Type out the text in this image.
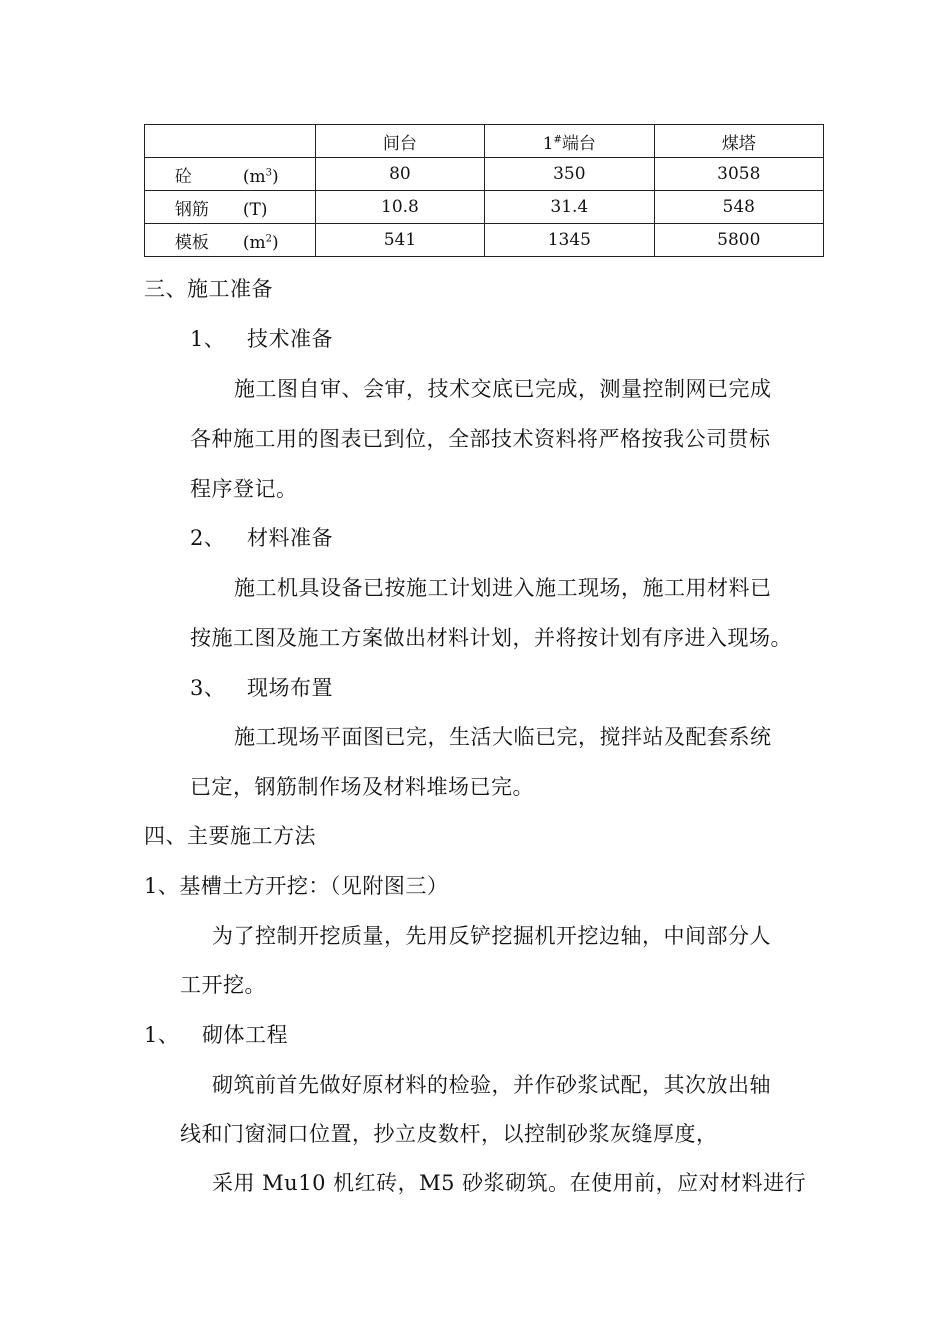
	间台	1#端台	煤塔
砼 $(m^3)$	80	350	3058
钢筋 (T)	10.8	31.4	548
模板 $(m^2)$	541	1345	5800
三、施工准备
1、 技术准备
施工图自审、会审，技术交底已完成，测量控制网已完成
各种施工用的图表已到位，全部技术资料将严格按我公司贯标
程序登记。
2、 材料准备
施工机具设备已按施工计划进入施工现场，施工用材料已
按施工图及施工方案做出材料计划，并将按计划有序进入现场。
3、 现场布置
施工现场平面图已完，生活大临已完，搅拌站及配套系统
已定，钢筋制作场及材料堆场已完。
四、主要施工方法
1、基槽土方开挖：（见附图三）
为了控制开挖质量，先用反铲挖掘机开挖边轴，中间部分人
工开挖。
1、 砌体工程
砌筑前首先做好原材料的检验，并作砂浆试配，其次放出轴
线和门窗洞口位置，抄立皮数杆，以控制砂浆灰缝厚度，
采用 Mu10 机红砖，M5 砂浆砌筑。在使用前，应对材料进行
